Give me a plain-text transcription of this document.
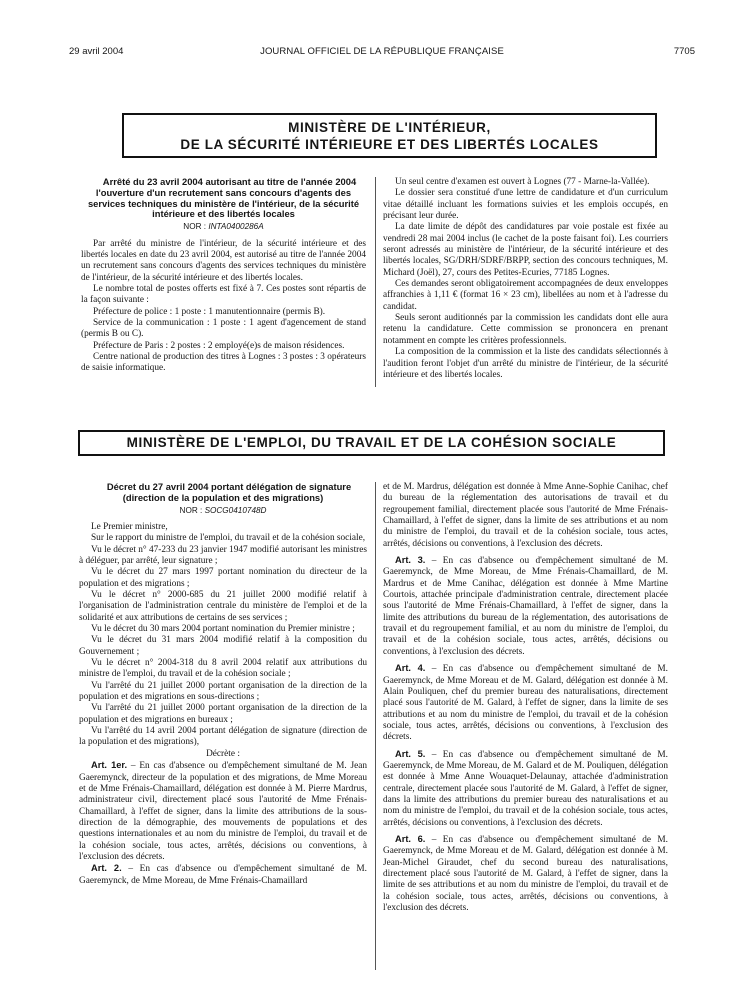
29 avril 2004	JOURNAL OFFICIEL DE LA RÉPUBLIQUE FRANÇAISE	7705
MINISTÈRE DE L'INTÉRIEUR,
DE LA SÉCURITÉ INTÉRIEURE ET DES LIBERTÉS LOCALES

Arrêté du 23 avril 2004 autorisant au titre de l'année 2004 l'ouverture d'un recrutement sans concours d'agents des services techniques du ministère de l'intérieur, de la sécurité intérieure et des libertés locales

NOR : INTA0400286A

Par arrêté du ministre de l'intérieur, de la sécurité intérieure et des libertés locales en date du 23 avril 2004, est autorisé au titre de l'année 2004 un recrutement sans concours d'agents des services techniques du ministère de l'intérieur, de la sécurité intérieure et des libertés locales.

Le nombre total de postes offerts est fixé à 7. Ces postes sont répartis de la façon suivante :

Préfecture de police : 1 poste : 1 manutentionnaire (permis B).

Service de la communication : 1 poste : 1 agent d'agencement de stand (permis B ou C).

Préfecture de Paris : 2 postes : 2 employé(e)s de maison résidences.

Centre national de production des titres à Lognes : 3 postes : 3 opérateurs de saisie informatique.

Un seul centre d'examen est ouvert à Lognes (77 - Marne-la-Vallée).

Le dossier sera constitué d'une lettre de candidature et d'un curriculum vitae détaillé incluant les formations suivies et les emplois occupés, en précisant leur durée.

La date limite de dépôt des candidatures par voie postale est fixée au vendredi 28 mai 2004 inclus (le cachet de la poste faisant foi). Les courriers seront adressés au ministère de l'intérieur, de la sécurité intérieure et des libertés locales, SG/DRH/SDRF/BRPP, section des concours techniques, M. Michard (Joël), 27, cours des Petites-Ecuries, 77185 Lognes.

Ces demandes seront obligatoirement accompagnées de deux enveloppes affranchies à 1,11 € (format 16 × 23 cm), libellées au nom et à l'adresse du candidat.

Seuls seront auditionnés par la commission les candidats dont elle aura retenu la candidature. Cette commission se prononcera en prenant notamment en compte les critères professionnels.

La composition de la commission et la liste des candidats sélectionnés à l'audition feront l'objet d'un arrêté du ministre de l'intérieur, de la sécurité intérieure et des libertés locales.

MINISTÈRE DE L'EMPLOI, DU TRAVAIL ET DE LA COHÉSION SOCIALE

Décret du 27 avril 2004 portant délégation de signature (direction de la population et des migrations)

NOR : SOCG0410748D

Le Premier ministre,

Sur le rapport du ministre de l'emploi, du travail et de la cohésion sociale,

Vu le décret n° 47-233 du 23 janvier 1947 modifié autorisant les ministres à déléguer, par arrêté, leur signature ;

Vu le décret du 27 mars 1997 portant nomination du directeur de la population et des migrations ;

Vu le décret n° 2000-685 du 21 juillet 2000 modifié relatif à l'organisation de l'administration centrale du ministère de l'emploi et de la solidarité et aux attributions de certains de ses services ;

Vu le décret du 30 mars 2004 portant nomination du Premier ministre ;

Vu le décret du 31 mars 2004 modifié relatif à la composition du Gouvernement ;

Vu le décret n° 2004-318 du 8 avril 2004 relatif aux attributions du ministre de l'emploi, du travail et de la cohésion sociale ;

Vu l'arrêté du 21 juillet 2000 portant organisation de la direction de la population et des migrations en sous-directions ;

Vu l'arrêté du 21 juillet 2000 portant organisation de la direction de la population et des migrations en bureaux ;

Vu l'arrêté du 14 avril 2004 portant délégation de signature (direction de la population et des migrations),

Décrète :

Art. 1er. – En cas d'absence ou d'empêchement simultané de M. Jean Gaeremynck, directeur de la population et des migrations, de Mme Moreau et de Mme Frénais-Chamaillard, délégation est donnée à M. Pierre Mardrus, administrateur civil, directement placé sous l'autorité de Mme Frénais-Chamaillard, à l'effet de signer, dans la limite des attributions de la sous-direction de la démographie, des mouvements de populations et des questions internationales et au nom du ministre de l'emploi, du travail et de la cohésion sociale, tous actes, arrêtés, décisions ou conventions, à l'exclusion des décrets.

Art. 2. – En cas d'absence ou d'empêchement simultané de M. Gaeremynck, de Mme Moreau, de Mme Frénais-Chamaillard

et de M. Mardrus, délégation est donnée à Mme Anne-Sophie Canihac, chef du bureau de la réglementation des autorisations de travail et du regroupement familial, directement placée sous l'autorité de Mme Frénais-Chamaillard, à l'effet de signer, dans la limite de ses attributions et au nom du ministre de l'emploi, du travail et de la cohésion sociale, tous actes, arrêtés, décisions ou conventions, à l'exclusion des décrets.

Art. 3. – En cas d'absence ou d'empêchement simultané de M. Gaeremynck, de Mme Moreau, de Mme Frénais-Chamaillard, de M. Mardrus et de Mme Canihac, délégation est donnée à Mme Martine Courtois, attachée principale d'administration centrale, directement placée sous l'autorité de Mme Frénais-Chamaillard, à l'effet de signer, dans la limite des attributions du bureau de la réglementation, des autorisations de travail et du regroupement familial, et au nom du ministre de l'emploi, du travail et de la cohésion sociale, tous actes, arrêtés, décisions ou conventions, à l'exclusion des décrets.

Art. 4. – En cas d'absence ou d'empêchement simultané de M. Gaeremynck, de Mme Moreau et de M. Galard, délégation est donnée à M. Alain Pouliquen, chef du premier bureau des naturalisations, directement placé sous l'autorité de M. Galard, à l'effet de signer, dans la limite de ses attributions et au nom du ministre de l'emploi, du travail et de la cohésion sociale, tous actes, arrêtés, décisions ou conventions, à l'exclusion des décrets.

Art. 5. – En cas d'absence ou d'empêchement simultané de M. Gaeremynck, de Mme Moreau, de M. Galard et de M. Pouliquen, délégation est donnée à Mme Anne Wouaquet-Delaunay, attachée d'administration centrale, directement placée sous l'autorité de M. Galard, à l'effet de signer, dans la limite des attributions du premier bureau des naturalisations et au nom du ministre de l'emploi, du travail et de la cohésion sociale, tous actes, arrêtés, décisions ou conventions, à l'exclusion des décrets.

Art. 6. – En cas d'absence ou d'empêchement simultané de M. Gaeremynck, de Mme Moreau et de M. Galard, délégation est donnée à M. Jean-Michel Giraudet, chef du second bureau des naturalisations, directement placé sous l'autorité de M. Galard, à l'effet de signer, dans la limite de ses attributions et au nom du ministre de l'emploi, du travail et de la cohésion sociale, tous actes, arrêtés, décisions ou conventions, à l'exclusion des décrets.
